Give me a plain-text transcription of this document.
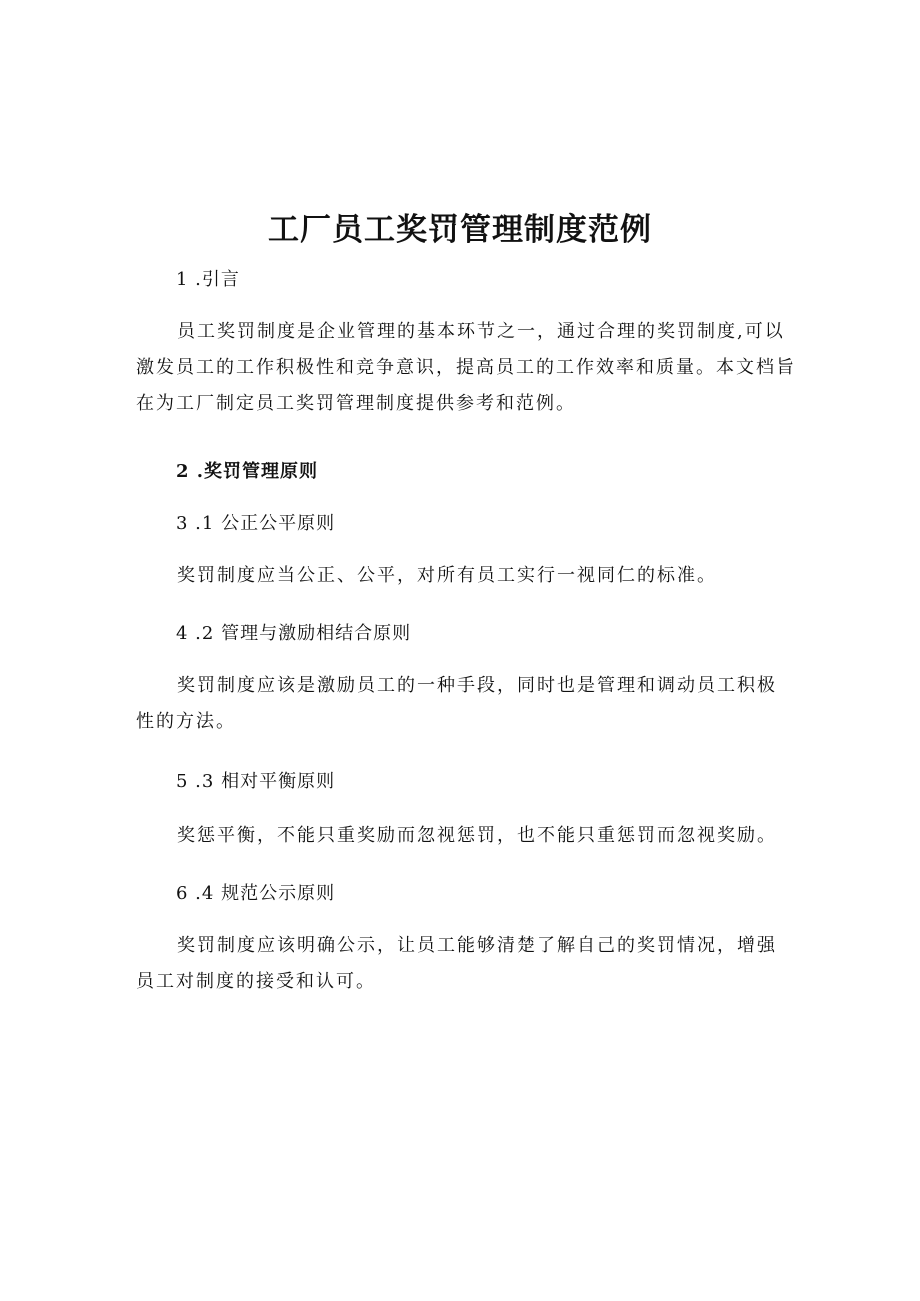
工厂员工奖罚管理制度范例
1 .引言
员工奖罚制度是企业管理的基本环节之一，通过合理的奖罚制度,可以激发员工的工作积极性和竞争意识，提高员工的工作效率和质量。本文档旨在为工厂制定员工奖罚管理制度提供参考和范例。
2 .奖罚管理原则
3 .1 公正公平原则
奖罚制度应当公正、公平，对所有员工实行一视同仁的标准。
4 .2 管理与激励相结合原则
奖罚制度应该是激励员工的一种手段，同时也是管理和调动员工积极性的方法。
5 .3 相对平衡原则
奖惩平衡，不能只重奖励而忽视惩罚，也不能只重惩罚而忽视奖励。
6 .4 规范公示原则
奖罚制度应该明确公示，让员工能够清楚了解自己的奖罚情况，增强员工对制度的接受和认可。
